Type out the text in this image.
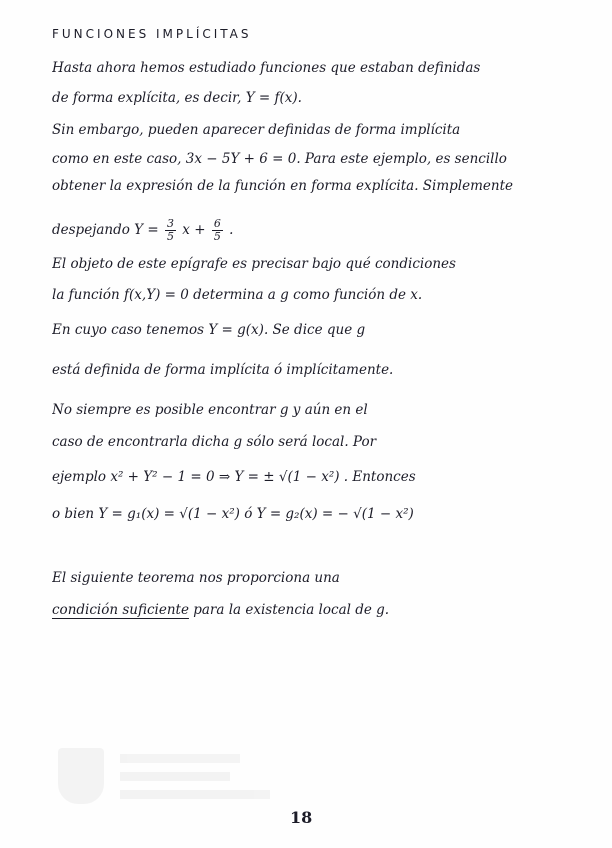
FUNCIONES IMPLÍCITAS
Hasta ahora hemos estudiado funciones que estaban definidas
de forma explícita, es decir, Y = f(x).
Sin embargo, pueden aparecer definidas de forma implícita
como en este caso, 3x − 5Y + 6 = 0. Para este ejemplo, es sencillo
obtener la expresión de la función en forma explícita. Simplemente
despejando $Y = \frac{3}{5}$ $x + \frac{6}{5}$ .
El objeto de este epígrafe es precisar bajo qué condiciones
la función f(x,Y) = 0 determina a g como función de x.
En cuyo caso tenemos Y = g(x). Se dice que g
está definida de forma implícita ó implícitamente.
No siempre es posible encontrar g y aún en el
caso de encontrarla dicha g sólo será local. Por
ejemplo x² + Y² − 1 = 0 ⇒ Y = ± √(1 − x²) . Entonces
o bien Y = g₁(x) = √(1 − x²) ó Y = g₂(x) = − √(1 − x²)
El siguiente teorema nos proporciona una
condición suficiente para la existencia local de g.
18
